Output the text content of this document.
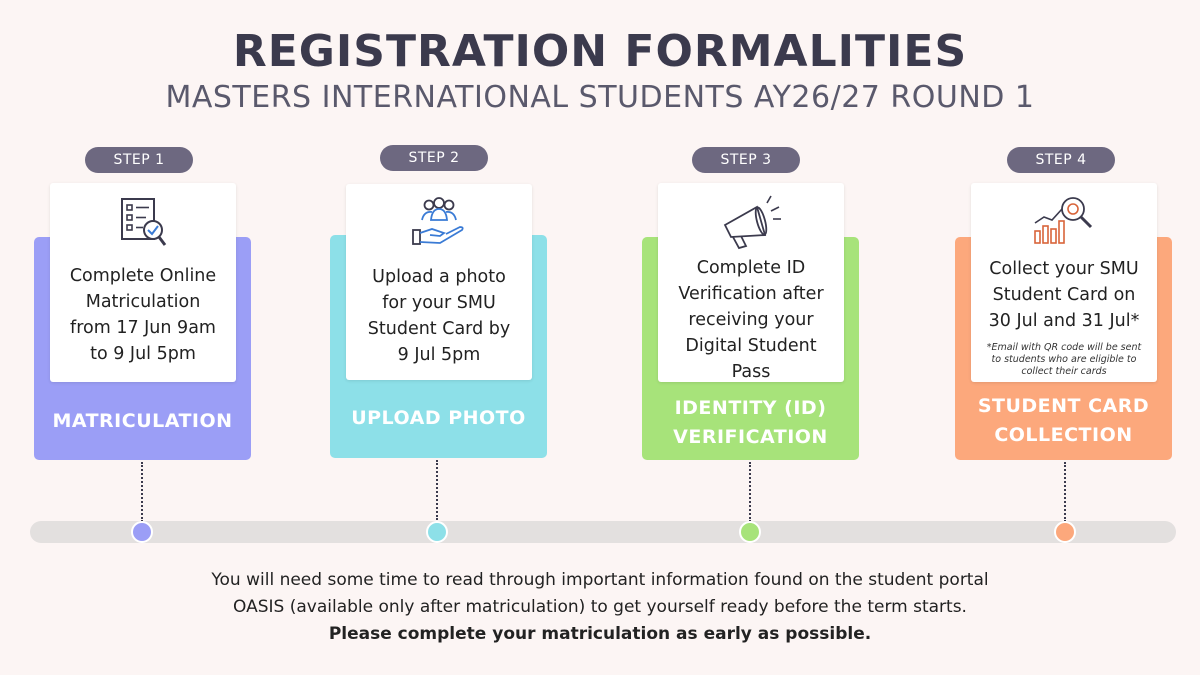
REGISTRATION FORMALITIES
MASTERS INTERNATIONAL STUDENTS AY26/27 ROUND 1
STEP 1
MATRICULATION
Complete Online
Matriculation
from 17 Jun 9am
to 9 Jul 5pm
STEP 2
UPLOAD PHOTO
Upload a photo
for your SMU
Student Card by
9 Jul 5pm
STEP 3
IDENTITY (ID)
VERIFICATION
Complete ID
Verification after
receiving your
Digital Student
Pass
STEP 4
STUDENT CARD
COLLECTION
Collect your SMU
Student Card on
30 Jul and 31 Jul*
*Email with QR code will be sent
to students who are eligible to
collect their cards
You will need some time to read through important information found on the student portal
OASIS (available only after matriculation) to get yourself ready before the term starts.
Please complete your matriculation as early as possible.
